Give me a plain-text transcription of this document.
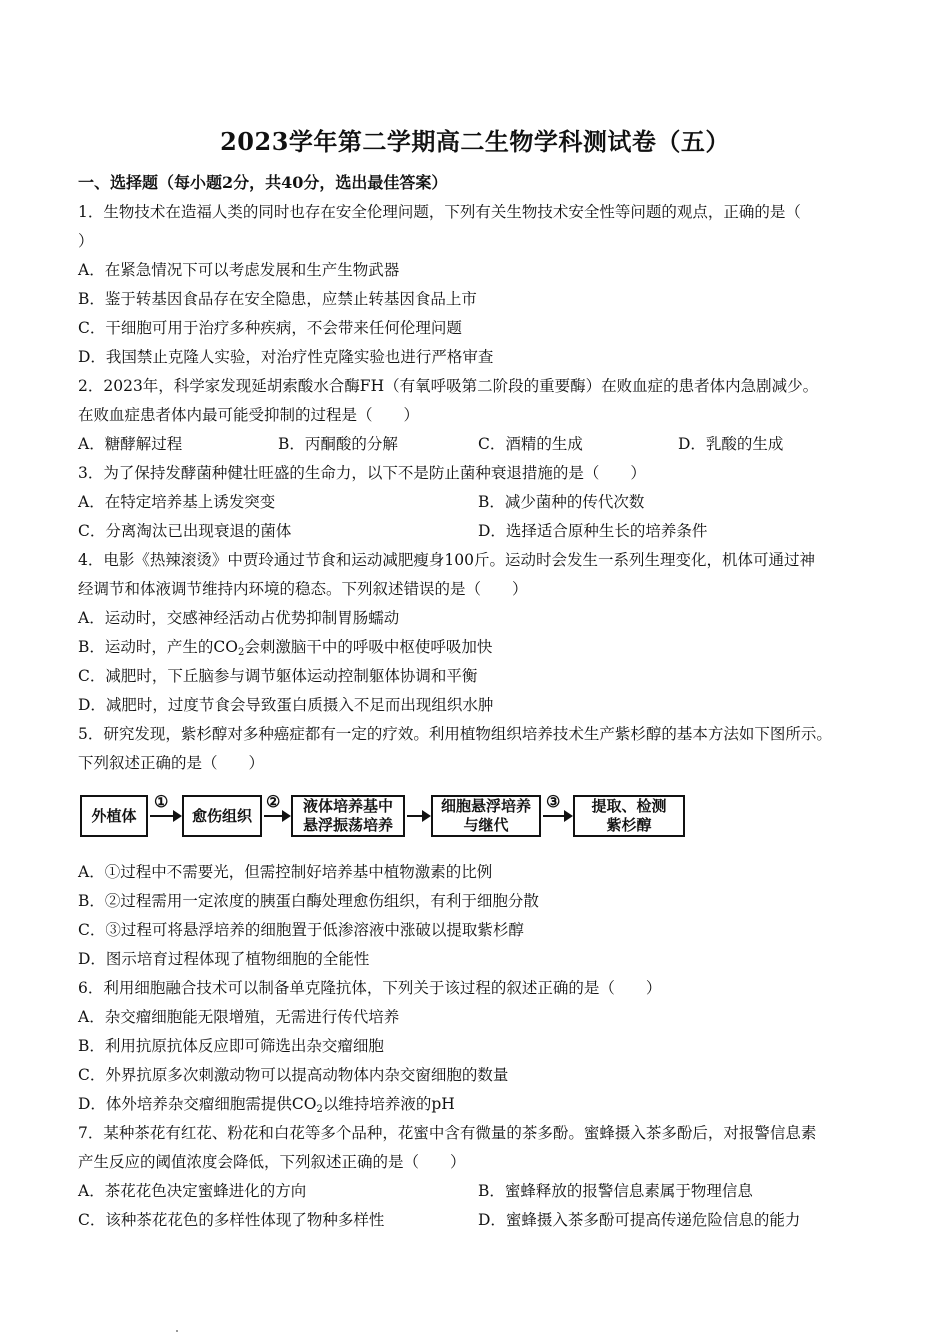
2023学年第二学期高二生物学科测试卷（五）
一、选择题（每小题2分，共40分，选出最佳答案）
1．生物技术在造福人类的同时也存在安全伦理问题，下列有关生物技术安全性等问题的观点，正确的是（
）
A．在紧急情况下可以考虑发展和生产生物武器
B．鉴于转基因食品存在安全隐患，应禁止转基因食品上市
C．干细胞可用于治疗多种疾病，不会带来任何伦理问题
D．我国禁止克隆人实验，对治疗性克隆实验也进行严格审查
2．2023年，科学家发现延胡索酸水合酶FH（有氧呼吸第二阶段的重要酶）在败血症的患者体内急剧减少。
在败血症患者体内最可能受抑制的过程是（　　）
A．糖酵解过程	B．丙酮酸的分解	C．酒精的生成	D．乳酸的生成
3．为了保持发酵菌种健壮旺盛的生命力，以下不是防止菌种衰退措施的是（　　）
A．在特定培养基上诱发突变	B．减少菌种的传代次数
C．分离淘汰已出现衰退的菌体	D．选择适合原种生长的培养条件
4．电影《热辣滚烫》中贾玲通过节食和运动减肥瘦身100斤。运动时会发生一系列生理变化，机体可通过神
经调节和体液调节维持内环境的稳态。下列叙述错误的是（　　）
A．运动时，交感神经活动占优势抑制胃肠蠕动
B．运动时，产生的$CO_2$会刺激脑干中的呼吸中枢使呼吸加快
C．减肥时，下丘脑参与调节躯体运动控制躯体协调和平衡
D．减肥时，过度节食会导致蛋白质摄入不足而出现组织水肿
5．研究发现，紫杉醇对多种癌症都有一定的疗效。利用植物组织培养技术生产紫杉醇的基本方法如下图所示。
下列叙述正确的是（　　）
外植体
①
愈伤组织
② 液体培养基中
悬浮振荡培养
细胞悬浮培养
与继代
③ 提取、检测
紫杉醇
A．①过程中不需要光，但需控制好培养基中植物激素的比例
B．②过程需用一定浓度的胰蛋白酶处理愈伤组织，有利于细胞分散
C．③过程可将悬浮培养的细胞置于低渗溶液中涨破以提取紫杉醇
D．图示培育过程体现了植物细胞的全能性
6．利用细胞融合技术可以制备单克隆抗体，下列关于该过程的叙述正确的是（　　）
A．杂交瘤细胞能无限增殖，无需进行传代培养
B．利用抗原抗体反应即可筛选出杂交瘤细胞
C．外界抗原多次刺激动物可以提高动物体内杂交窗细胞的数量
D．体外培养杂交瘤细胞需提供$CO_2$以维持培养液的pH
7．某种茶花有红花、粉花和白花等多个品种，花蜜中含有微量的茶多酚。蜜蜂摄入茶多酚后，对报警信息素
产生反应的阈值浓度会降低，下列叙述正确的是（　　）
A．茶花花色决定蜜蜂进化的方向	B．蜜蜂释放的报警信息素属于物理信息
C．该种茶花花色的多样性体现了物种多样性	D．蜜蜂摄入茶多酚可提高传递危险信息的能力
